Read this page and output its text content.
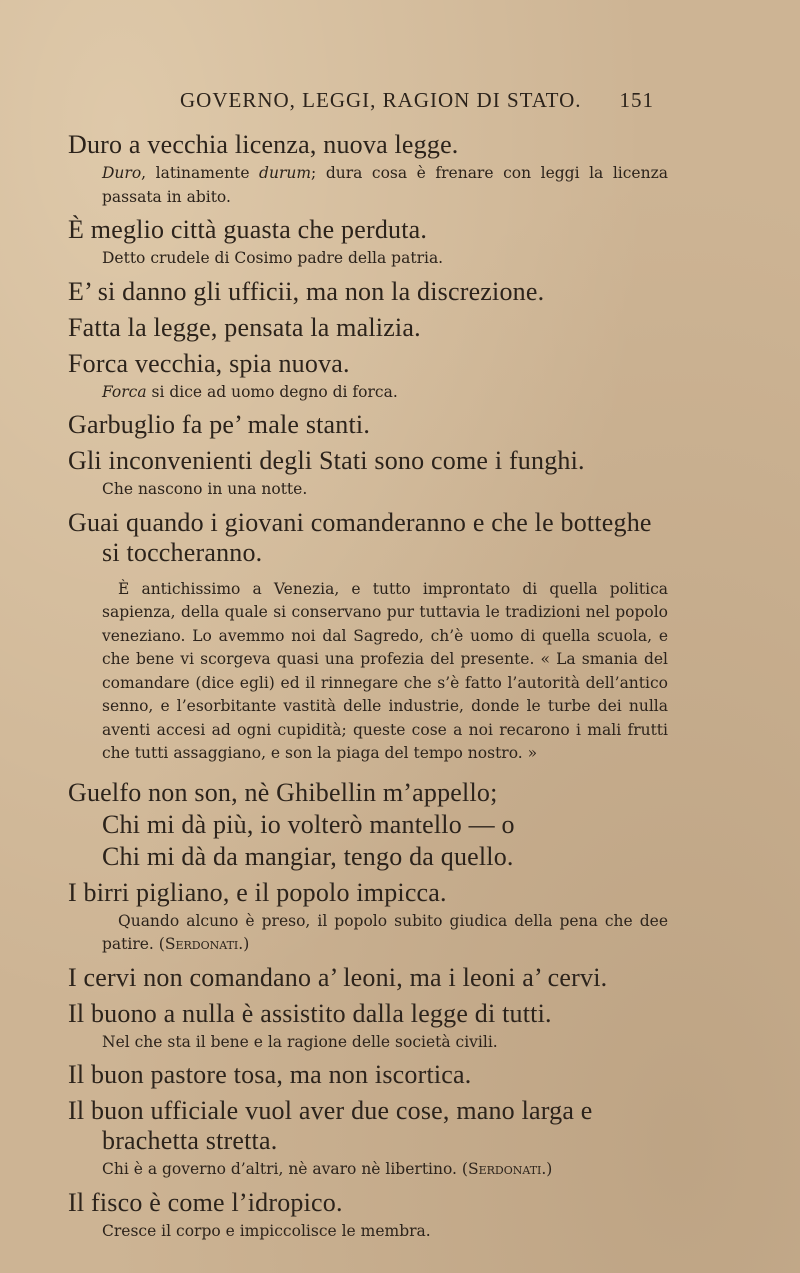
GOVERNO, LEGGI, RAGION DI STATO. 151
Duro a vecchia licenza, nuova legge.
Duro, latinamente durum; dura cosa è frenare con leggi la licenza passata in abito.
È meglio città guasta che perduta.
Detto crudele di Cosimo padre della patria.
E’ si danno gli ufficii, ma non la discrezione.
Fatta la legge, pensata la malizia.
Forca vecchia, spia nuova.
Forca si dice ad uomo degno di forca.
Garbuglio fa pe’ male stanti.
Gli inconvenienti degli Stati sono come i funghi.
Che nascono in una notte.
Guai quando i giovani comanderanno e che le botteghe si toccheranno.
È antichissimo a Venezia, e tutto improntato di quella politica sapienza, della quale si conservano pur tuttavia le tradizioni nel popolo veneziano. Lo avemmo noi dal Sagredo, ch’è uomo di quella scuola, e che bene vi scorgeva quasi una profezia del presente. « La smania del comandare (dice egli) ed il rinnegare che s’è fatto l’autorità dell’antico senno, e l’esorbitante vastità delle industrie, donde le turbe dei nulla aventi accesi ad ogni cupidità; queste cose a noi recarono i mali frutti che tutti assaggiano, e son la piaga del tempo nostro. »
Guelfo non son, nè Ghibellin m’appello;
Chi mi dà più, io volterò mantello — o
Chi mi dà da mangiar, tengo da quello.
I birri pigliano, e il popolo impicca.
Quando alcuno è preso, il popolo subito giudica della pena che dee patire. (Serdonati.)
I cervi non comandano a’ leoni, ma i leoni a’ cervi.
Il buono a nulla è assistito dalla legge di tutti.
Nel che sta il bene e la ragione delle società civili.
Il buon pastore tosa, ma non iscortica.
Il buon ufficiale vuol aver due cose, mano larga e brachetta stretta.
Chi è a governo d’altri, nè avaro nè libertino. (Serdonati.)
Il fisco è come l’idropico.
Cresce il corpo e impiccolisce le membra.
